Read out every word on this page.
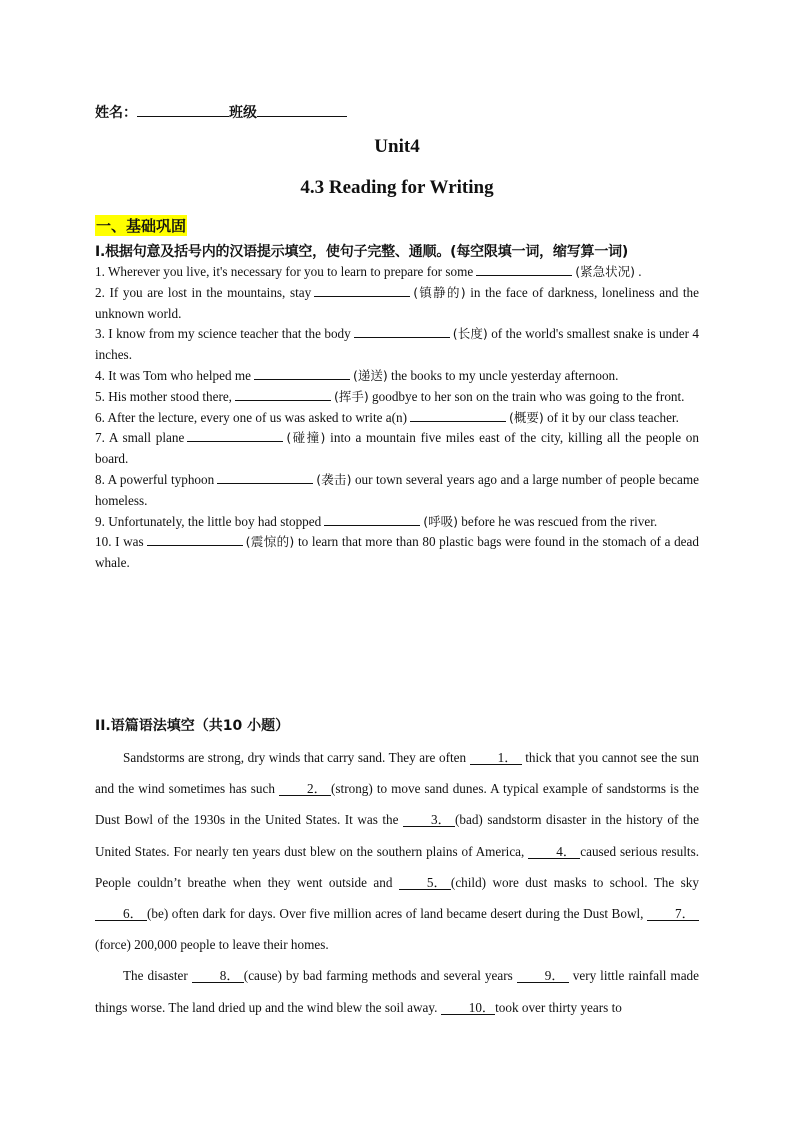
姓名：	班级
Unit4
4.3 Reading for Writing
一、基础巩固
I.根据句意及括号内的汉语提示填空，使句子完整、通顺。(每空限填一词，缩写算一词)
1. Wherever you live, it's necessary for you to learn to prepare for some	(紧急状况) .
2. If you are lost in the mountains, stay	(镇静的) in the face of darkness, loneliness and the unknown world.
3. I know from my science teacher that the body	(长度) of the world's smallest snake is under 4 inches.
4. It was Tom who helped me	(递送) the books to my uncle yesterday afternoon.
5. His mother stood there,	(挥手) goodbye to her son on the train who was going to the front.
6. After the lecture, every one of us was asked to write a(n)	(概要) of it by our class teacher.
7. A small plane	(碰撞) into a mountain five miles east of the city, killing all the people on board.
8. A powerful typhoon	(袭击) our town several years ago and a large number of people became homeless.
9. Unfortunately, the little boy had stopped	(呼吸) before he was rescued from the river.
10. I was	(震惊的) to learn that more than 80 plastic bags were found in the stomach of a dead whale.
II.语篇语法填空（共10 小题）

Sandstorms are strong, dry winds that carry sand. They are often 1． thick that you cannot see the sun and the wind sometimes has such 2． (strong) to move sand dunes. A typical example of sandstorms is the Dust Bowl of the 1930s in the United States. It was the 3． (bad) sandstorm disaster in the history of the United States. For nearly ten years dust blew on the southern plains of America, 4． caused serious results. People couldn’t breathe when they went outside and 5． (child) wore dust masks to school. The sky 6． (be) often dark for days. Over five million acres of land became desert during the Dust Bowl, 7．(force) 200,000 people to leave their homes.

The disaster 8． (cause) by bad farming methods and several years 9． very little rainfall made things worse. The land dried up and the wind blew the soil away. 10．took over thirty years to
